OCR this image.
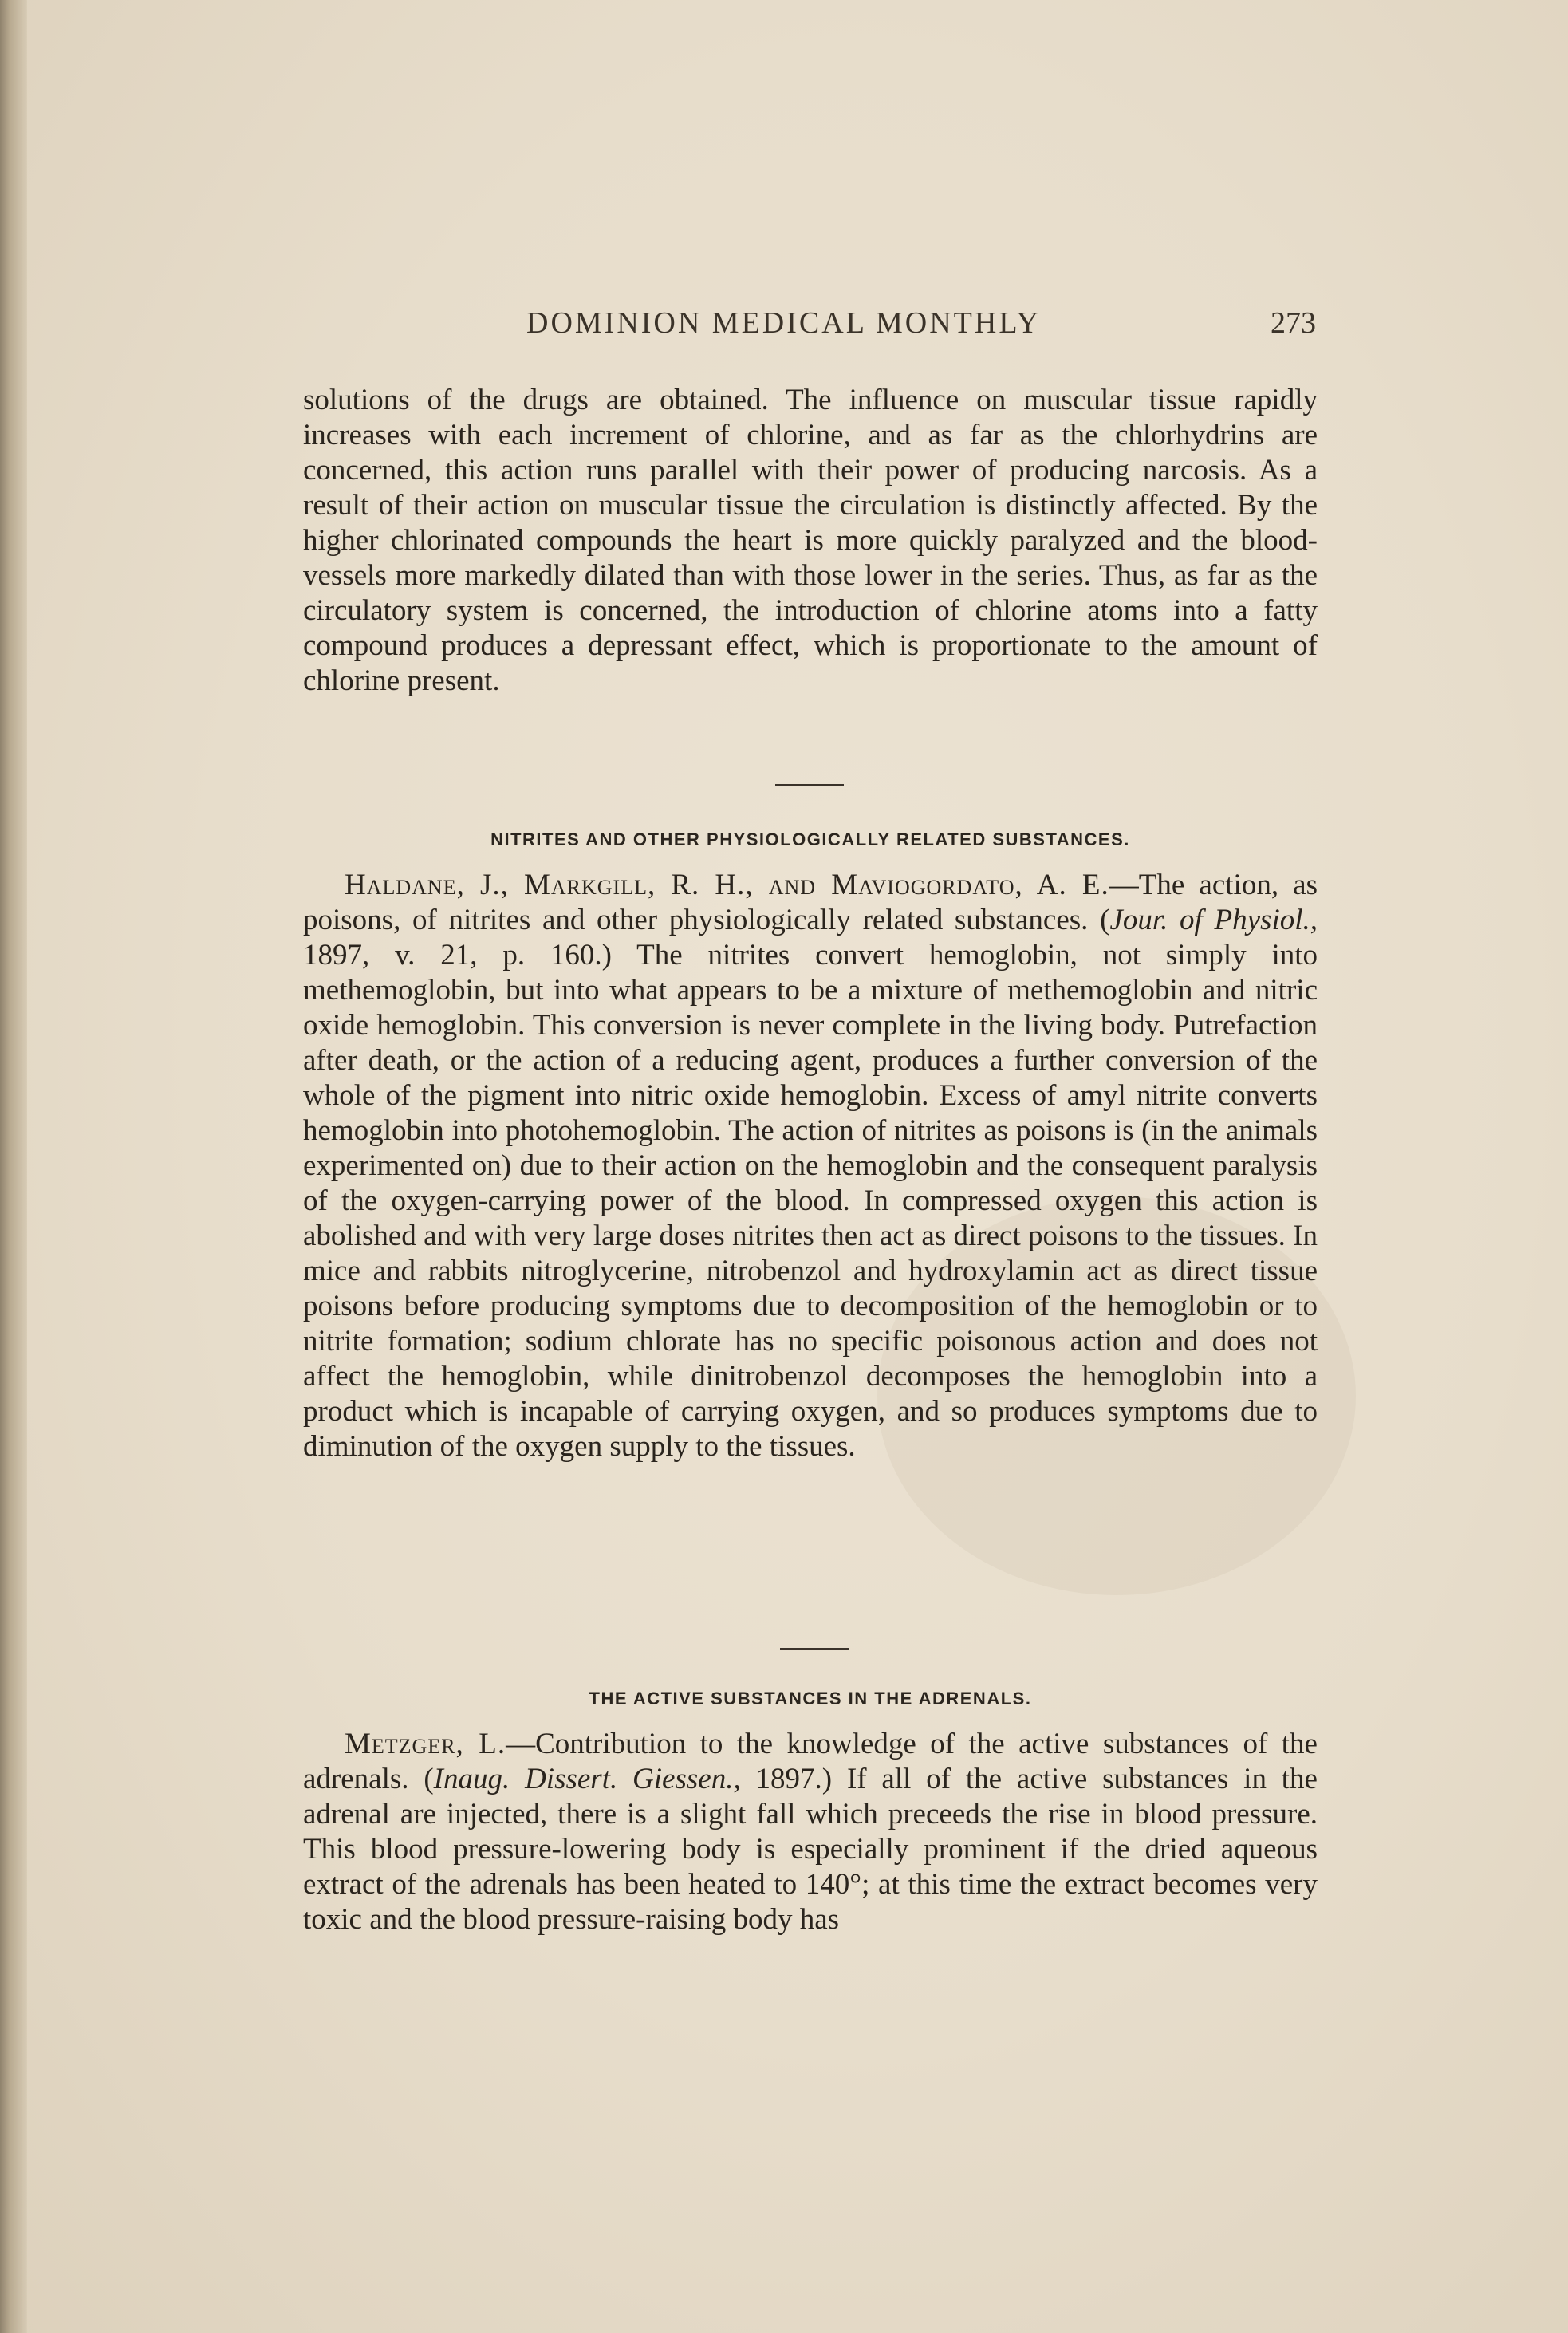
DOMINION MEDICAL MONTHLY	273

solutions of the drugs are obtained. The influence on muscular tissue rapidly increases with each increment of chlorine, and as far as the chlorhydrins are concerned, this action runs parallel with their power of producing narcosis. As a result of their action on muscular tissue the circulation is distinctly affected. By the higher chlorinated compounds the heart is more quickly paralyzed and the blood-vessels more markedly dilated than with those lower in the series. Thus, as far as the circulatory system is concerned, the introduction of chlorine atoms into a fatty compound produces a depressant effect, which is proportionate to the amount of chlorine present.

NITRITES AND OTHER PHYSIOLOGICALLY RELATED SUBSTANCES.

Haldane, J., Markgill, R. H., and Maviogordato, A. E.—The action, as poisons, of nitrites and other physiologically related substances. (Jour. of Physiol., 1897, v. 21, p. 160.) The nitrites convert hemoglobin, not simply into methemoglobin, but into what appears to be a mixture of methemoglobin and nitric oxide hemoglobin. This conversion is never complete in the living body. Putrefaction after death, or the action of a reducing agent, produces a further conversion of the whole of the pigment into nitric oxide hemoglobin. Excess of amyl nitrite converts hemoglobin into photohemoglobin. The action of nitrites as poisons is (in the animals experimented on) due to their action on the hemoglobin and the consequent paralysis of the oxygen-carrying power of the blood. In compressed oxygen this action is abolished and with very large doses nitrites then act as direct poisons to the tissues. In mice and rabbits nitroglycerine, nitrobenzol and hydroxylamin act as direct tissue poisons before producing symptoms due to decomposition of the hemoglobin or to nitrite formation; sodium chlorate has no specific poisonous action and does not affect the hemoglobin, while dinitrobenzol decomposes the hemoglobin into a product which is incapable of carrying oxygen, and so produces symptoms due to diminution of the oxygen supply to the tissues.

THE ACTIVE SUBSTANCES IN THE ADRENALS.

Metzger, L.—Contribution to the knowledge of the active substances of the adrenals. (Inaug. Dissert. Giessen., 1897.) If all of the active substances in the adrenal are injected, there is a slight fall which preceeds the rise in blood pressure. This blood pressure-lowering body is especially prominent if the dried aqueous extract of the adrenals has been heated to 140°; at this time the extract becomes very toxic and the blood pressure-raising body has
